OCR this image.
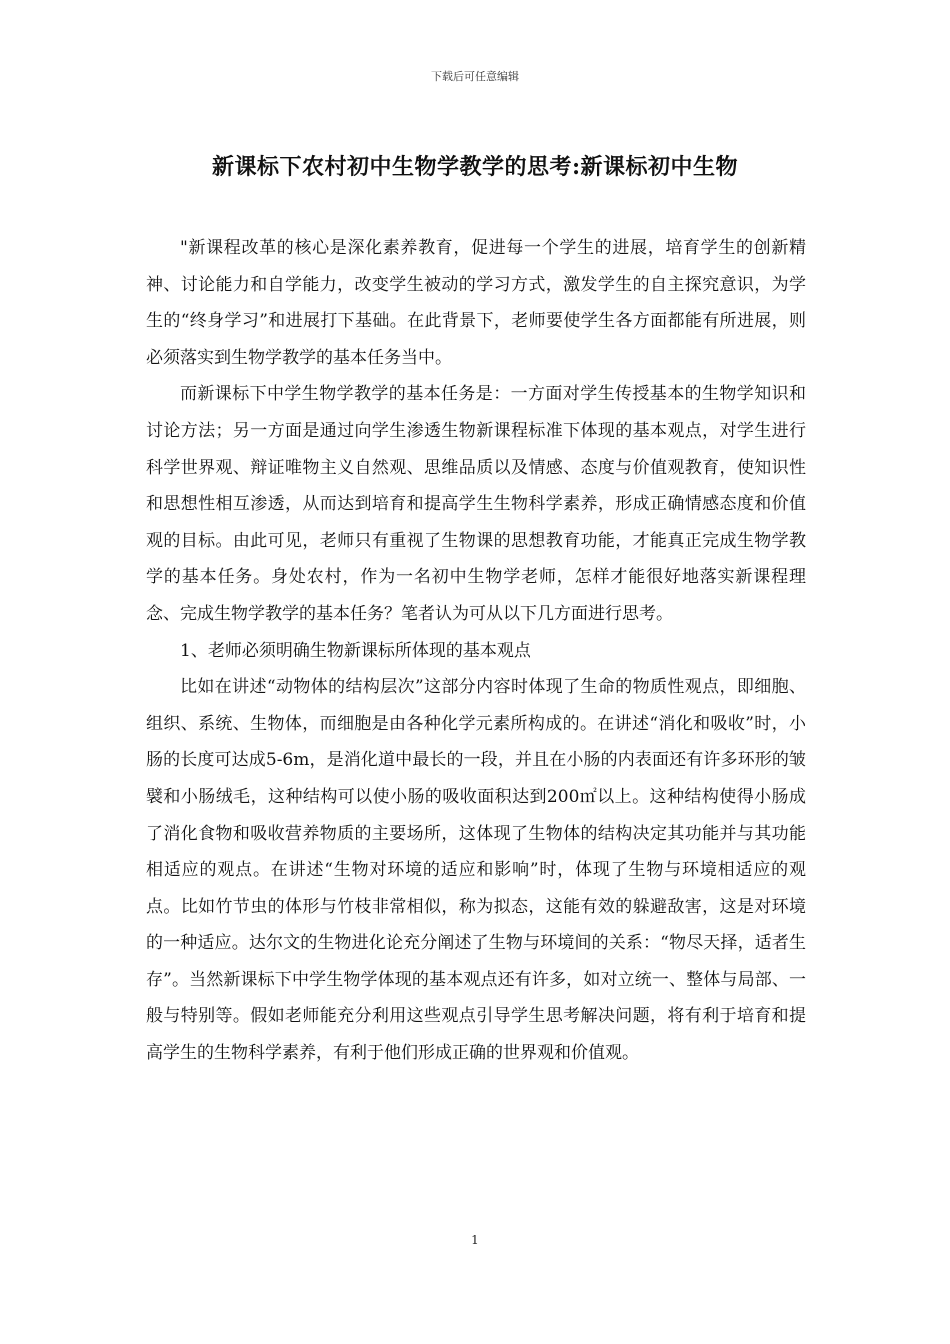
下载后可任意编辑
新课标下农村初中生物学教学的思考:新课标初中生物

"新课程改革的核心是深化素养教育，促进每一个学生的进展，培育学生的创新精神、讨论能力和自学能力，改变学生被动的学习方式，激发学生的自主探究意识，为学生的“终身学习”和进展打下基础。在此背景下，老师要使学生各方面都能有所进展，则必须落实到生物学教学的基本任务当中。

而新课标下中学生物学教学的基本任务是：一方面对学生传授基本的生物学知识和讨论方法；另一方面是通过向学生渗透生物新课程标准下体现的基本观点，对学生进行科学世界观、辩证唯物主义自然观、思维品质以及情感、态度与价值观教育，使知识性和思想性相互渗透，从而达到培育和提高学生生物科学素养，形成正确情感态度和价值观的目标。由此可见，老师只有重视了生物课的思想教育功能，才能真正完成生物学教学的基本任务。身处农村，作为一名初中生物学老师，怎样才能很好地落实新课程理念、完成生物学教学的基本任务？笔者认为可从以下几方面进行思考。

1、老师必须明确生物新课标所体现的基本观点

比如在讲述“动物体的结构层次”这部分内容时体现了生命的物质性观点，即细胞、组织、系统、生物体，而细胞是由各种化学元素所构成的。在讲述“消化和吸收”时，小肠的长度可达成5-6m，是消化道中最长的一段，并且在小肠的内表面还有许多环形的皱襞和小肠绒毛，这种结构可以使小肠的吸收面积达到200㎡以上。这种结构使得小肠成了消化食物和吸收营养物质的主要场所，这体现了生物体的结构决定其功能并与其功能相适应的观点。在讲述“生物对环境的适应和影响”时，体现了生物与环境相适应的观点。比如竹节虫的体形与竹枝非常相似，称为拟态，这能有效的躲避敌害，这是对环境的一种适应。达尔文的生物进化论充分阐述了生物与环境间的关系：“物尽天择，适者生存”。当然新课标下中学生物学体现的基本观点还有许多，如对立统一、整体与局部、一般与特别等。假如老师能充分利用这些观点引导学生思考解决问题，将有利于培育和提高学生的生物科学素养，有利于他们形成正确的世界观和价值观。

1
